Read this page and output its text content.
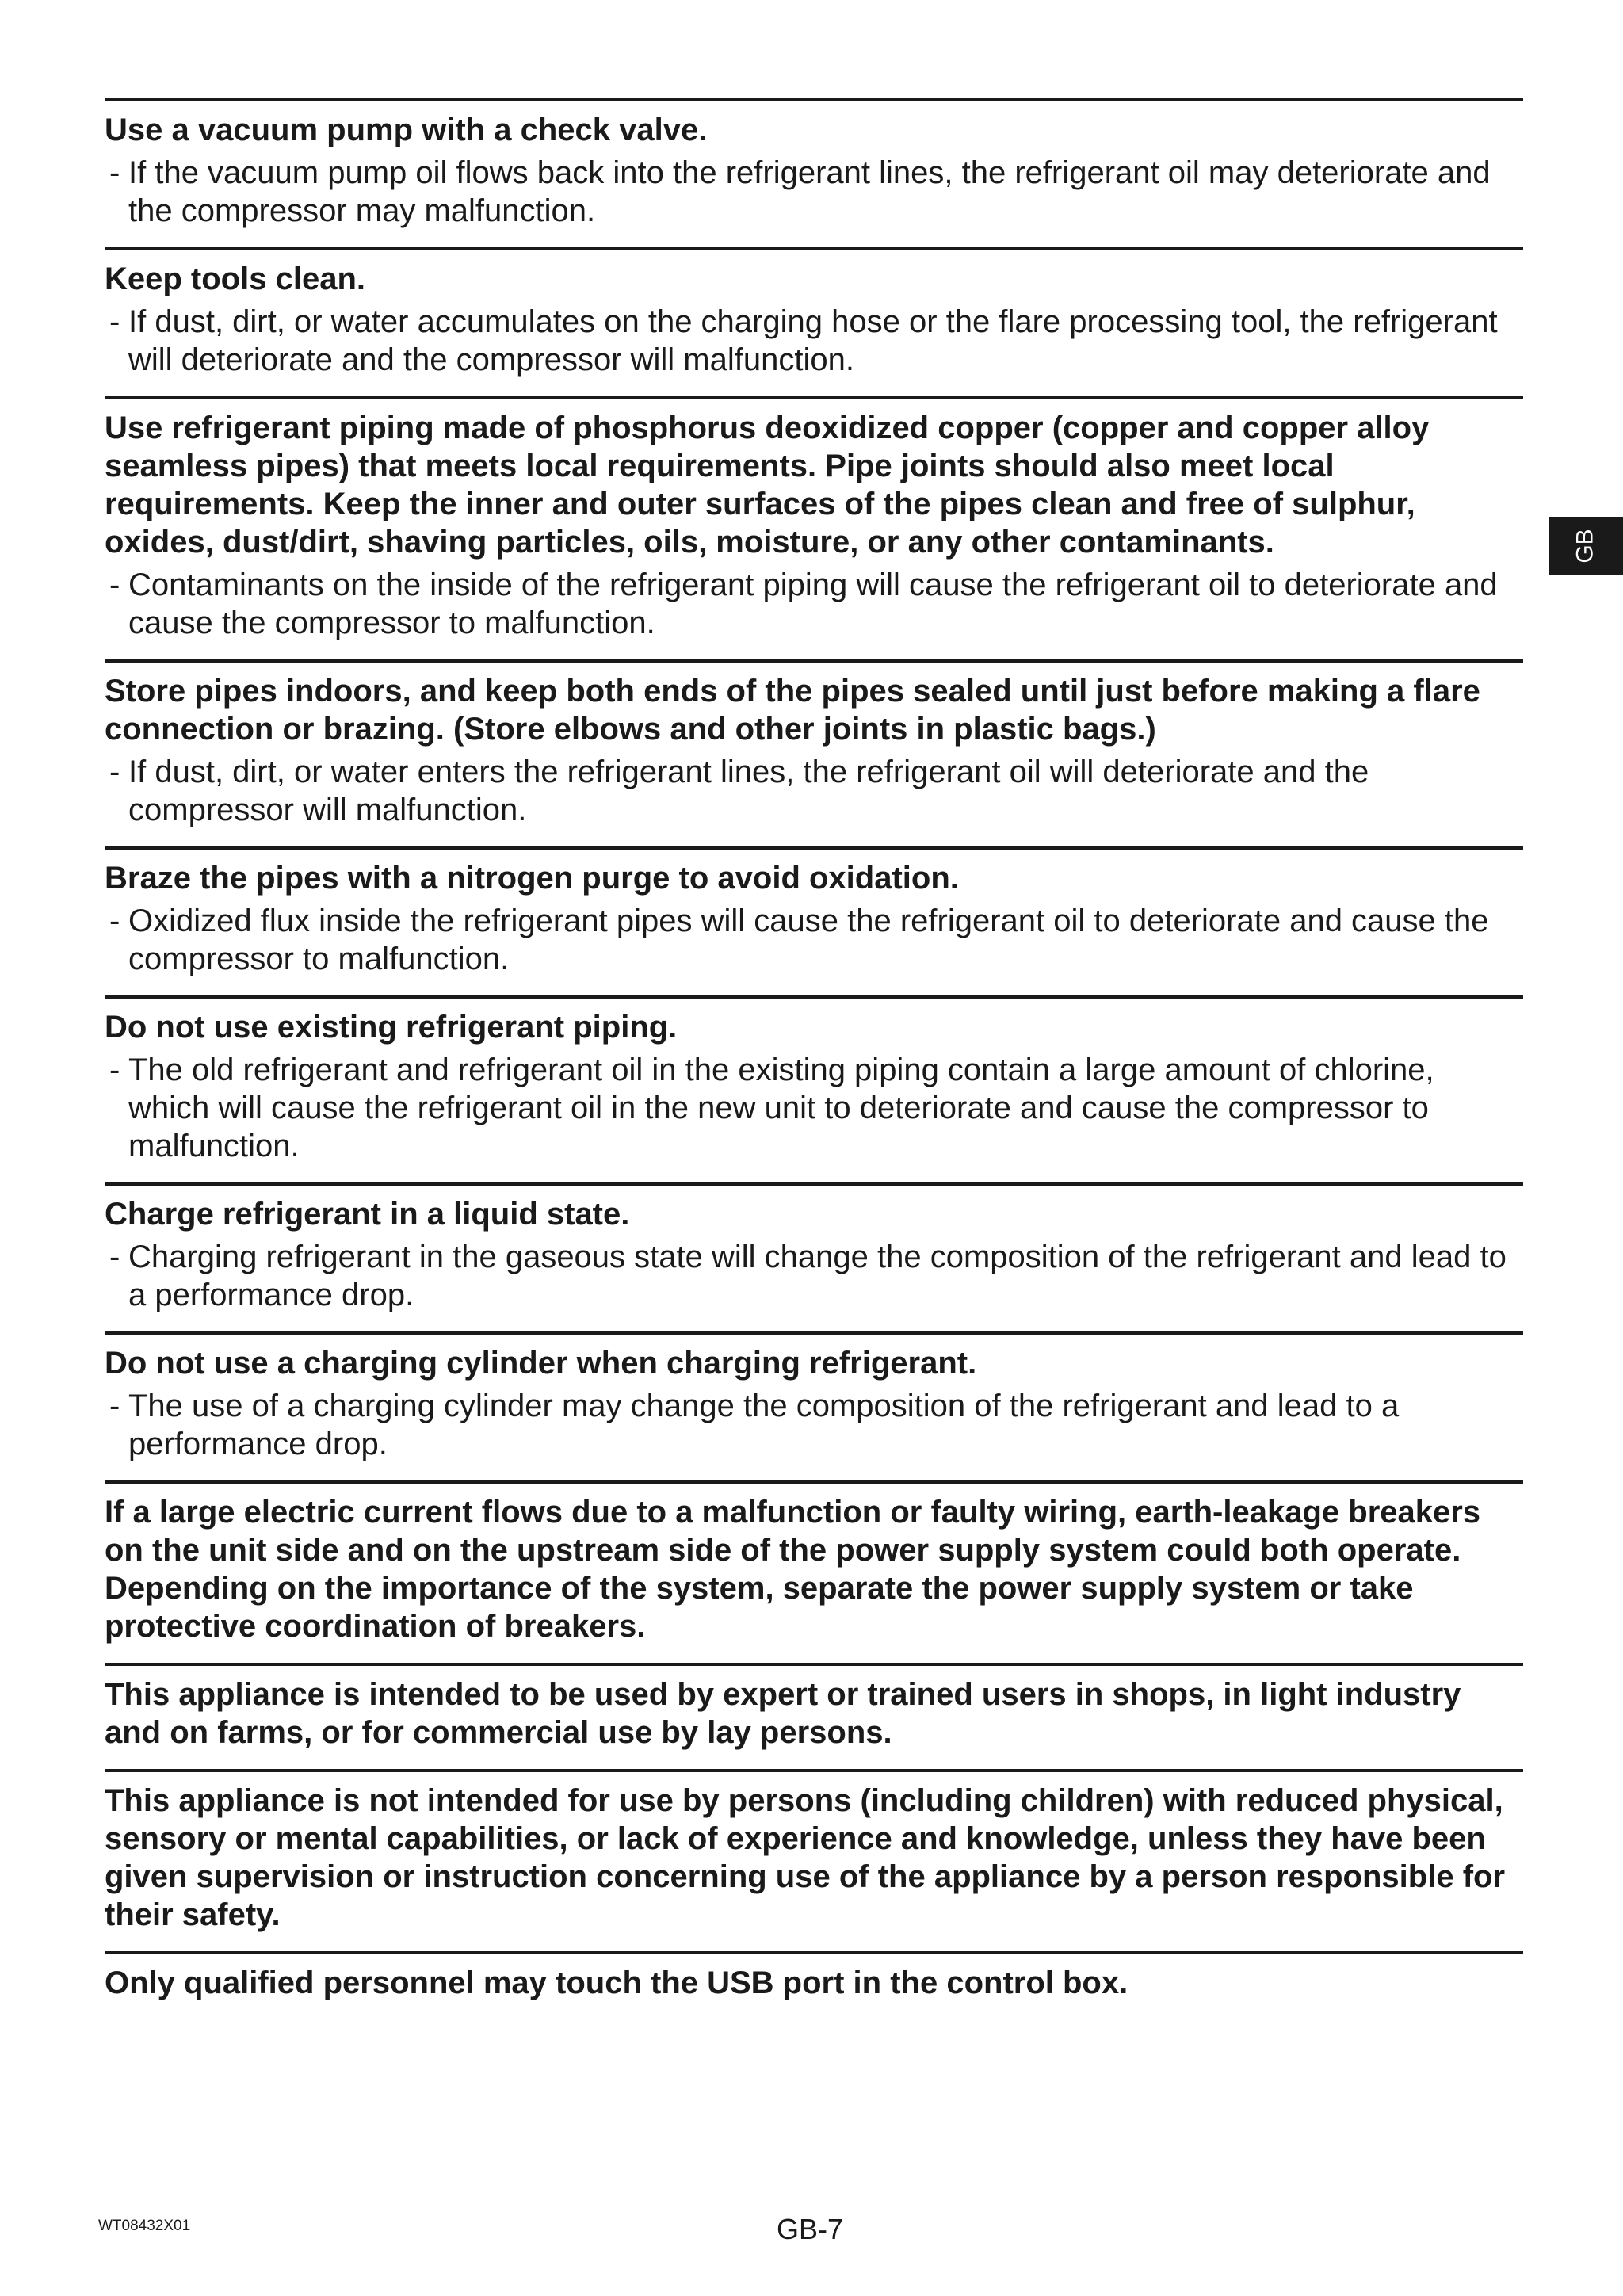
Use a vacuum pump with a check valve.

- If the vacuum pump oil flows back into the refrigerant lines, the refrigerant oil may deteriorate and the compressor may malfunction.

Keep tools clean.

- If dust, dirt, or water accumulates on the charging hose or the flare processing tool, the refrigerant will deteriorate and the compressor will malfunction.

Use refrigerant piping made of phosphorus deoxidized copper (copper and copper alloy seamless pipes) that meets local requirements. Pipe joints should also meet local requirements. Keep the inner and outer surfaces of the pipes clean and free of sulphur, oxides, dust/dirt, shaving particles, oils, moisture, or any other contaminants.

- Contaminants on the inside of the refrigerant piping will cause the refrigerant oil to deteriorate and cause the compressor to malfunction.

Store pipes indoors, and keep both ends of the pipes sealed until just before making a flare connection or brazing. (Store elbows and other joints in plastic bags.)

- If dust, dirt, or water enters the refrigerant lines, the refrigerant oil will deteriorate and the compressor will malfunction.

Braze the pipes with a nitrogen purge to avoid oxidation.

- Oxidized flux inside the refrigerant pipes will cause the refrigerant oil to deteriorate and cause the compressor to malfunction.

Do not use existing refrigerant piping.

- The old refrigerant and refrigerant oil in the existing piping contain a large amount of chlorine, which will cause the refrigerant oil in the new unit to deteriorate and cause the compressor to malfunction.

Charge refrigerant in a liquid state.

- Charging refrigerant in the gaseous state will change the composition of the refrigerant and lead to a performance drop.

Do not use a charging cylinder when charging refrigerant.

- The use of a charging cylinder may change the composition of the refrigerant and lead to a performance drop.

If a large electric current flows due to a malfunction or faulty wiring, earth-leakage breakers on the unit side and on the upstream side of the power supply system could both operate. Depending on the importance of the system, separate the power supply system or take protective coordination of breakers.

This appliance is intended to be used by expert or trained users in shops, in light industry and on farms, or for commercial use by lay persons.

This appliance is not intended for use by persons (including children) with reduced physical, sensory or mental capabilities, or lack of experience and knowledge, unless they have been given supervision or instruction concerning use of the appliance by a person responsible for their safety.

Only qualified personnel may touch the USB port in the control box.

GB
WT08432X01	GB-7
